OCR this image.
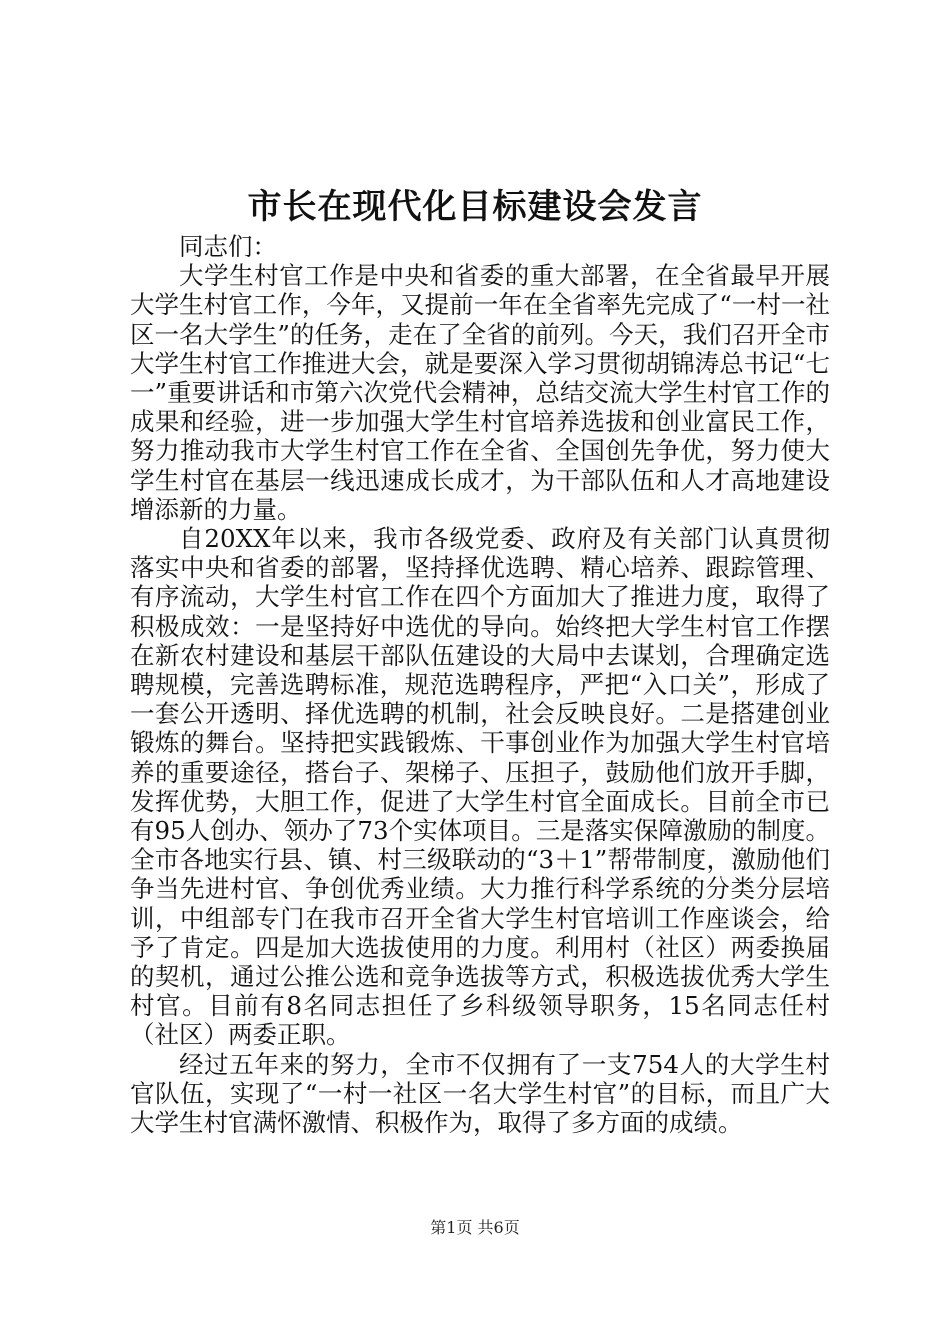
市长在现代化目标建设会发言

同志们：

大学生村官工作是中央和省委的重大部署，在全省最早开展大学生村官工作，今年，又提前一年在全省率先完成了“一村一社区一名大学生”的任务，走在了全省的前列。今天，我们召开全市大学生村官工作推进大会，就是要深入学习贯彻胡锦涛总书记“七一”重要讲话和市第六次党代会精神，总结交流大学生村官工作的成果和经验，进一步加强大学生村官培养选拔和创业富民工作，努力推动我市大学生村官工作在全省、全国创先争优，努力使大学生村官在基层一线迅速成长成才，为干部队伍和人才高地建设增添新的力量。

自20XX年以来，我市各级党委、政府及有关部门认真贯彻落实中央和省委的部署，坚持择优选聘、精心培养、跟踪管理、有序流动，大学生村官工作在四个方面加大了推进力度，取得了积极成效：一是坚持好中选优的导向。始终把大学生村官工作摆在新农村建设和基层干部队伍建设的大局中去谋划，合理确定选聘规模，完善选聘标准，规范选聘程序，严把“入口关”，形成了一套公开透明、择优选聘的机制，社会反映良好。二是搭建创业锻炼的舞台。坚持把实践锻炼、干事创业作为加强大学生村官培养的重要途径，搭台子、架梯子、压担子，鼓励他们放开手脚，发挥优势，大胆工作，促进了大学生村官全面成长。目前全市已有95人创办、领办了73个实体项目。三是落实保障激励的制度。全市各地实行县、镇、村三级联动的“3＋1”帮带制度，激励他们争当先进村官、争创优秀业绩。大力推行科学系统的分类分层培训，中组部专门在我市召开全省大学生村官培训工作座谈会，给予了肯定。四是加大选拔使用的力度。利用村（社区）两委换届的契机，通过公推公选和竞争选拔等方式，积极选拔优秀大学生村官。目前有8名同志担任了乡科级领导职务，15名同志任村（社区）两委正职。

经过五年来的努力，全市不仅拥有了一支754人的大学生村官队伍，实现了“一村一社区一名大学生村官”的目标，而且广大大学生村官满怀激情、积极作为，取得了多方面的成绩。

第1页 共6页
